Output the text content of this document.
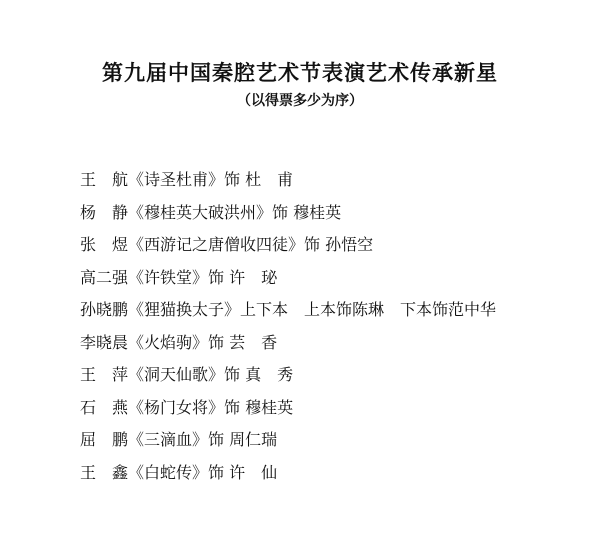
第九届中国秦腔艺术节表演艺术传承新星
（以得票多少为序）
王　航《诗圣杜甫》饰 杜　甫
杨　静《穆桂英大破洪州》饰 穆桂英
张　煜《西游记之唐僧收四徒》饰 孙悟空
高二强《许铁堂》饰 许　珌
孙晓鹏《狸猫换太子》上下本　上本饰陈琳　下本饰范中华
李晓晨《火焰驹》饰 芸　香
王　萍《洞天仙歌》饰 真　秀
石　燕《杨门女将》饰 穆桂英
屈　鹏《三滴血》饰 周仁瑞
王　鑫《白蛇传》饰 许　仙
